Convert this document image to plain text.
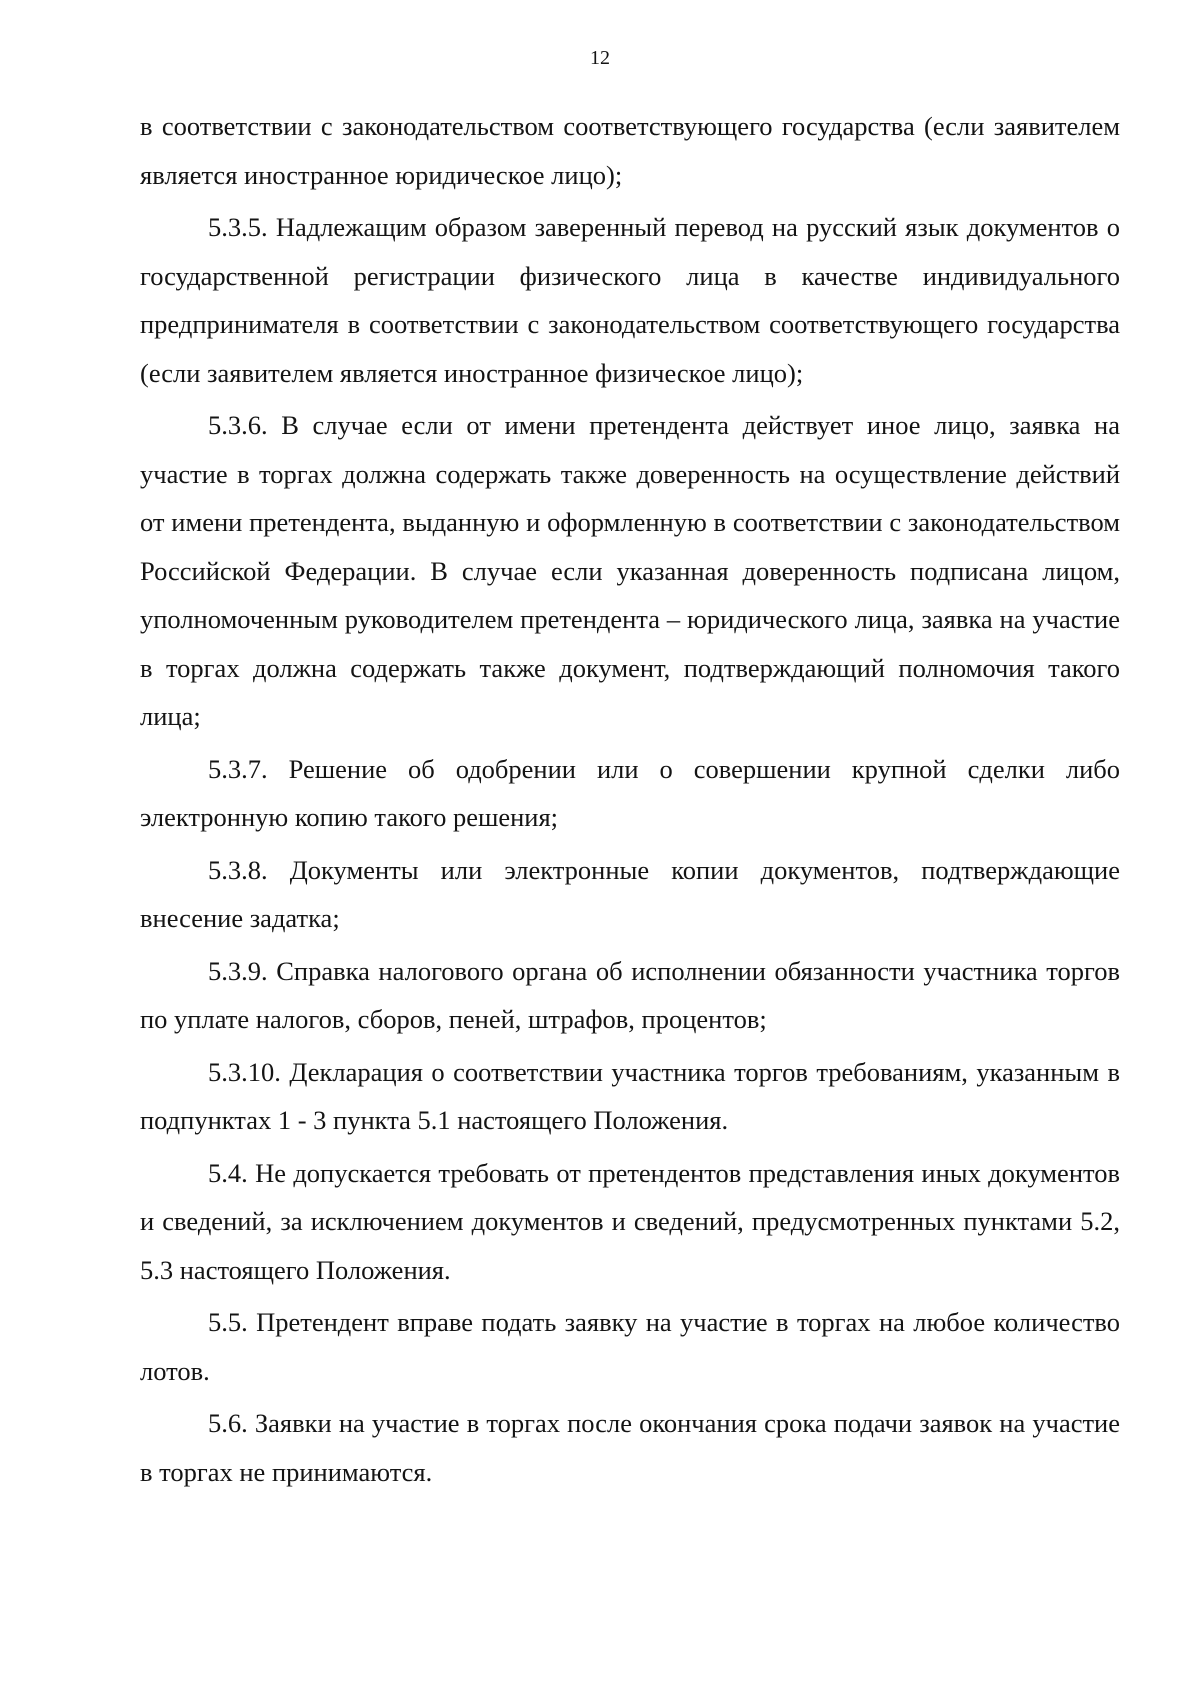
12

в соответствии с законодательством соответствующего государства (если заявителем является иностранное юридическое лицо);

5.3.5. Надлежащим образом заверенный перевод на русский язык документов о государственной регистрации физического лица в качестве индивидуального предпринимателя в соответствии с законодательством соответствующего государства (если заявителем является иностранное физическое лицо);

5.3.6. В случае если от имени претендента действует иное лицо, заявка на участие в торгах должна содержать также доверенность на осуществление действий от имени претендента, выданную и оформленную в соответствии с законодательством Российской Федерации. В случае если указанная доверенность подписана лицом, уполномоченным руководителем претендента – юридического лица, заявка на участие в торгах должна содержать также документ, подтверждающий полномочия такого лица;

5.3.7. Решение об одобрении или о совершении крупной сделки либо электронную копию такого решения;

5.3.8. Документы или электронные копии документов, подтверждающие внесение задатка;

5.3.9. Справка налогового органа об исполнении обязанности участника торгов по уплате налогов, сборов, пеней, штрафов, процентов;

5.3.10. Декларация о соответствии участника торгов требованиям, указанным в подпунктах 1 - 3 пункта 5.1 настоящего Положения.

5.4. Не допускается требовать от претендентов представления иных документов и сведений, за исключением документов и сведений, предусмотренных пунктами 5.2, 5.3 настоящего Положения.

5.5. Претендент вправе подать заявку на участие в торгах на любое количество лотов.

5.6. Заявки на участие в торгах после окончания срока подачи заявок на участие в торгах не принимаются.
